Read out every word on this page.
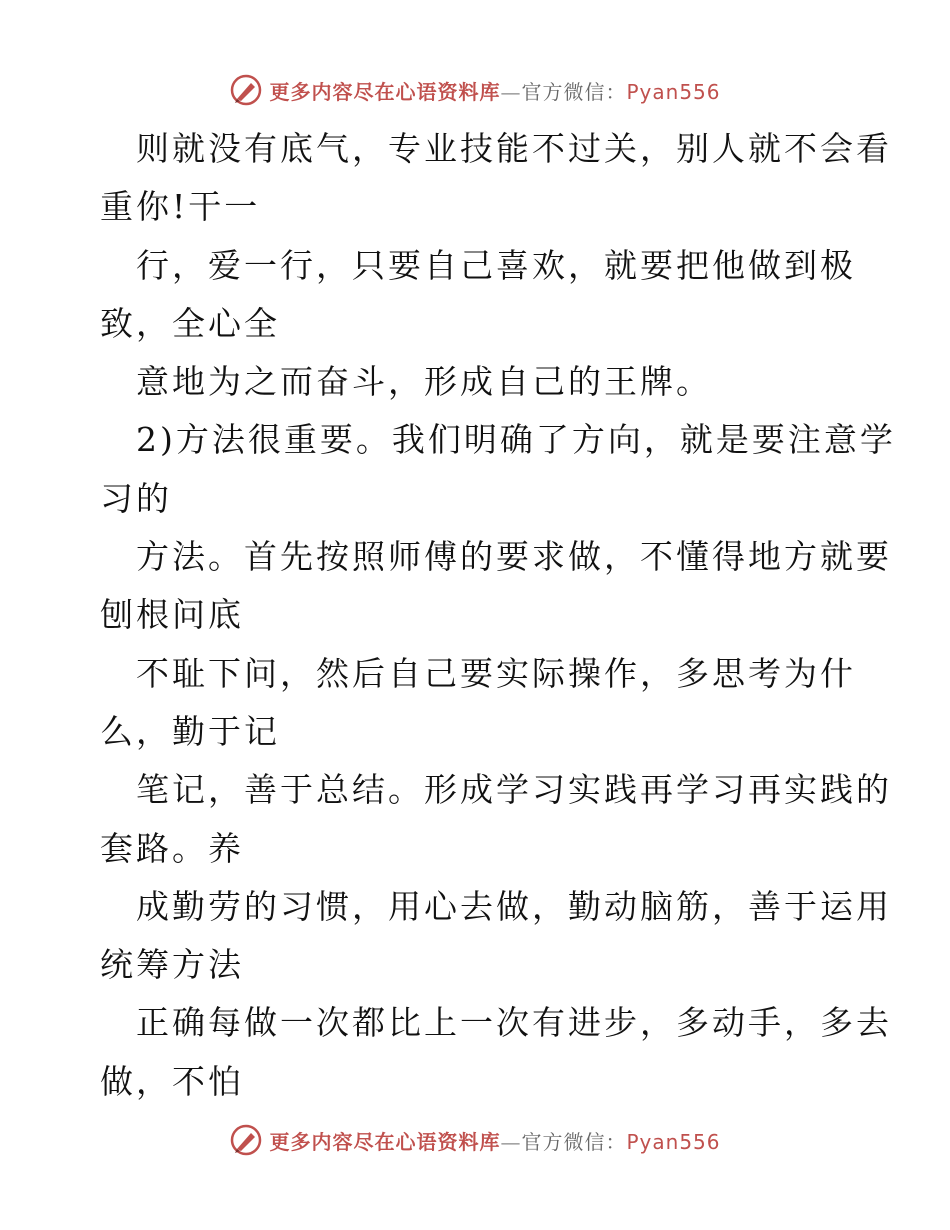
更多内容尽在心语资料库—官方微信：Pyan556
则就没有底气，专业技能不过关，别人就不会看
重你!干一
行，爱一行，只要自己喜欢，就要把他做到极
致，全心全
意地为之而奋斗，形成自己的王牌。
2)方法很重要。我们明确了方向，就是要注意学
习的
方法。首先按照师傅的要求做，不懂得地方就要
刨根问底
不耻下问，然后自己要实际操作，多思考为什
么，勤于记
笔记，善于总结。形成学习实践再学习再实践的
套路。养
成勤劳的习惯，用心去做，勤动脑筋，善于运用
统筹方法
正确每做一次都比上一次有进步，多动手，多去
做，不怕
更多内容尽在心语资料库—官方微信：Pyan556
